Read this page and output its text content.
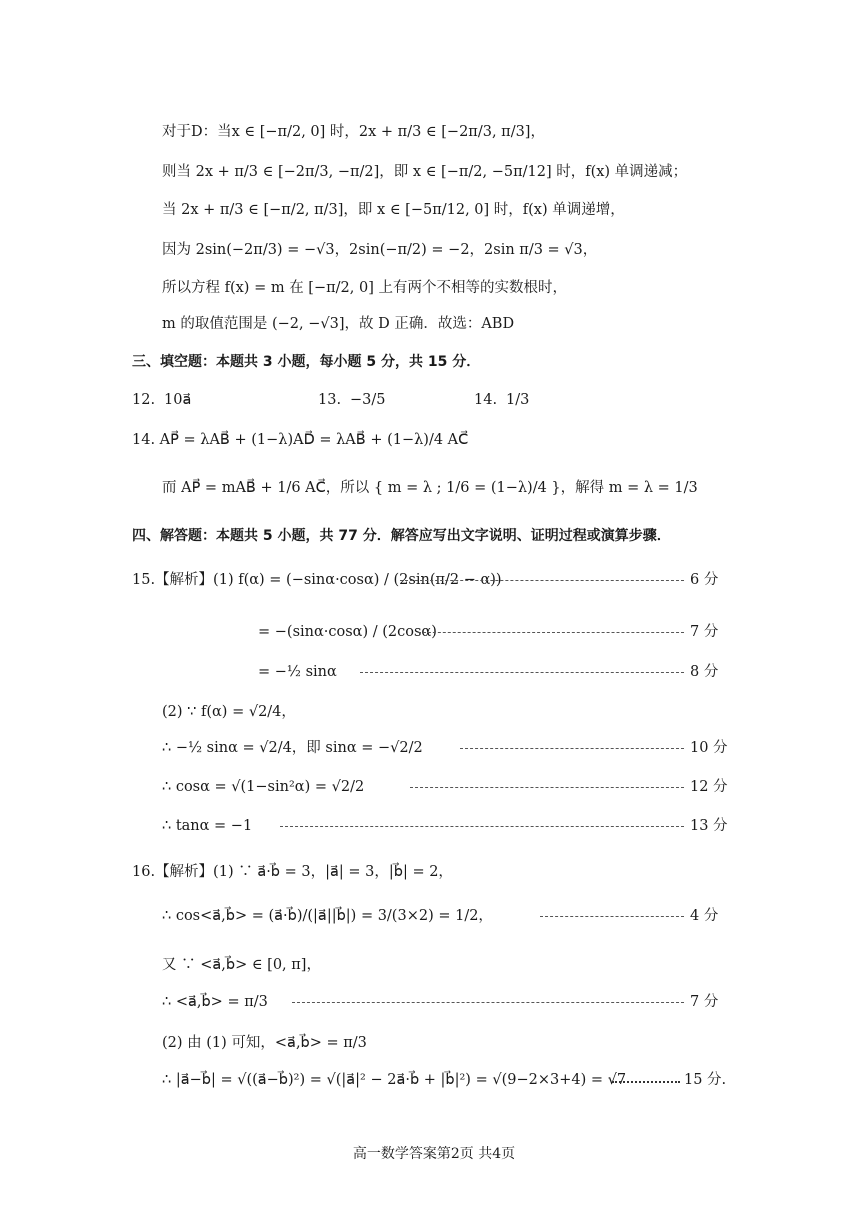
对于D：当x ∈ [−π/2, 0] 时，2x + π/3 ∈ [−2π/3, π/3]，
则当 2x + π/3 ∈ [−2π/3, −π/2]，即 x ∈ [−π/2, −5π/12] 时，f(x) 单调递减；
当 2x + π/3 ∈ [−π/2, π/3]，即 x ∈ [−5π/12, 0] 时，f(x) 单调递增，
因为 2sin(−2π/3) = −√3，2sin(−π/2) = −2，2sin π/3 = √3，
所以方程 f(x) = m 在 [−π/2, 0] 上有两个不相等的实数根时，
m 的取值范围是 (−2, −√3]，故 D 正确．故选：ABD
三、填空题：本题共 3 小题，每小题 5 分，共 15 分．
12. 10a⃗	13. −3/5	14. 1/3
14. AP⃗ = λAB⃗ + (1−λ)AD⃗ = λAB⃗ + (1−λ)/4 AC⃗
而 AP⃗ = mAB⃗ + 1/6 AC⃗，所以 { m = λ ; 1/6 = (1−λ)/4 }，解得 m = λ = 1/3
四、解答题：本题共 5 小题，共 77 分．解答应写出文字说明、证明过程或演算步骤．
15.【解析】(1) f(α) = (−sinα·cosα) / (2sin(π/2 − α))	6 分
= −(sinα·cosα) / (2cosα)	7 分
= −½ sinα	8 分
(2) ∵ f(α) = √2/4，
∴ −½ sinα = √2/4，即 sinα = −√2/2	10 分
∴ cosα = √(1−sin²α) = √2/2	12 分
∴ tanα = −1	13 分
16.【解析】(1) ∵ a⃗·b⃗ = 3，|a⃗| = 3，|b⃗| = 2，
∴ cos<a⃗,b⃗> = (a⃗·b⃗)/(|a⃗||b⃗|) = 3/(3×2) = 1/2，	4 分
又 ∵ <a⃗,b⃗> ∈ [0, π]，
∴ <a⃗,b⃗> = π/3	7 分
(2) 由 (1) 可知，<a⃗,b⃗> = π/3
∴ |a⃗−b⃗| = √((a⃗−b⃗)²) = √(|a⃗|² − 2a⃗·b⃗ + |b⃗|²) = √(9−2×3+4) = √7	15 分.
高一数学答案第2页 共4页
